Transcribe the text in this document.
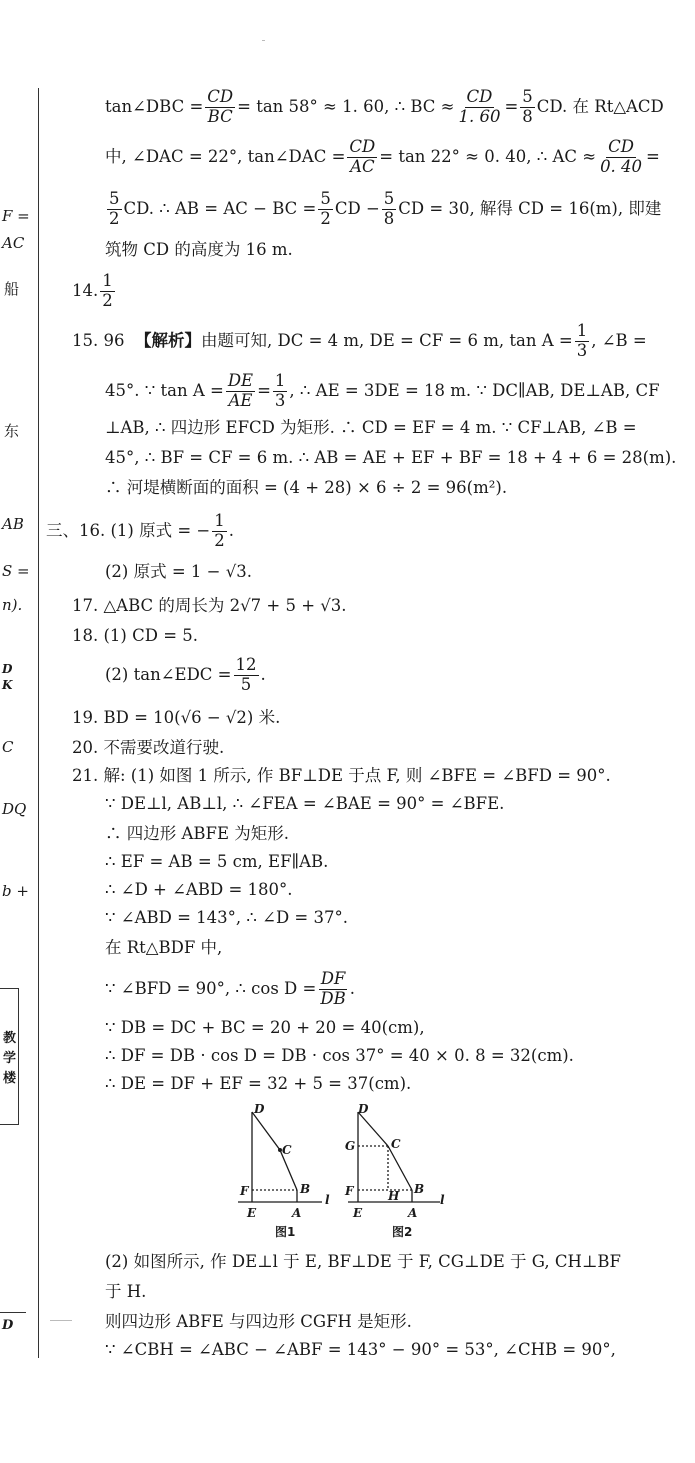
F =
AC
船
东
AB
S =
n).
D
K
C
DQ
b +
教
学
楼
D
tan∠DBC = $\frac{CD}{BC} = \tan 58^\circ \approx 1$. 60, ∴ BC ≈ $\frac{CD}{1. 60} = \frac{5}{8}$ CD. 在 Rt△ACD
中, ∠DAC = 22°, tan∠DAC = $\frac{CD}{AC} = \tan 22^\circ \approx 0$. 40, ∴ AC ≈ $\frac{CD}{0. 40}$ =
$\frac{5}{2}$ CD. ∴ AB = AC − BC = $\frac{5}{2}$ CD − $\frac{5}{8}$ CD = 30, 解得 CD = 16(m), 即建
筑物 CD 的高度为 16 m.
14. $\frac{1}{2}$
15. 96 【解析】由题可知, DC = 4 m, DE = CF = 6 m, $\tan A = \frac{1}{3}$ , ∠B =
45°. ∵ $\tan A = \frac{DE}{AE} = \frac{1}{3}$ , ∴ AE = 3DE = 18 m. ∵ DC∥AB, DE⊥AB, CF
⊥AB, ∴ 四边形 EFCD 为矩形. ∴ CD = EF = 4 m. ∵ CF⊥AB, ∠B =
45°, ∴ BF = CF = 6 m. ∴ AB = AE + EF + BF = 18 + 4 + 6 = 28(m).
∴ 河堤横断面的面积 = (4 + 28) × 6 ÷ 2 = 96(m²).
三、16. (1) 原式 = − $\frac{1}{2}$ .
(2) 原式 = 1 − √3.
17. △ABC 的周长为 2√7 + 5 + √3.
18. (1) CD = 5.
(2) tan∠EDC = $\frac{12}{5}$ .
19. BD = 10(√6 − √2) 米.
20. 不需要改道行驶.
21. 解: (1) 如图 1 所示, 作 BF⊥DE 于点 F, 则 ∠BFE = ∠BFD = 90°.
∵ DE⊥l, AB⊥l, ∴ ∠FEA = ∠BAE = 90° = ∠BFE.
∴ 四边形 ABFE 为矩形.
∴ EF = AB = 5 cm, EF∥AB.
∴ ∠D + ∠ABD = 180°.
∵ ∠ABD = 143°, ∴ ∠D = 37°.
在 Rt△BDF 中,
∵ ∠BFD = 90°, ∴ $\cos D = \frac{DF}{DB}$ .
∵ DB = DC + BC = 20 + 20 = 40(cm),
∴ DF = DB · cos D = DB · cos 37° = 40 × 0. 8 = 32(cm).
∴ DE = DF + EF = 32 + 5 = 37(cm).
D
C
F	B
E	A
l
D
G	C
F	H B
E	A
l
图1	图2
(2) 如图所示, 作 DE⊥l 于 E, BF⊥DE 于 F, CG⊥DE 于 G, CH⊥BF
于 H.
则四边形 ABFE 与四边形 CGFH 是矩形.
∵ ∠CBH = ∠ABC − ∠ABF = 143° − 90° = 53°, ∠CHB = 90°,
